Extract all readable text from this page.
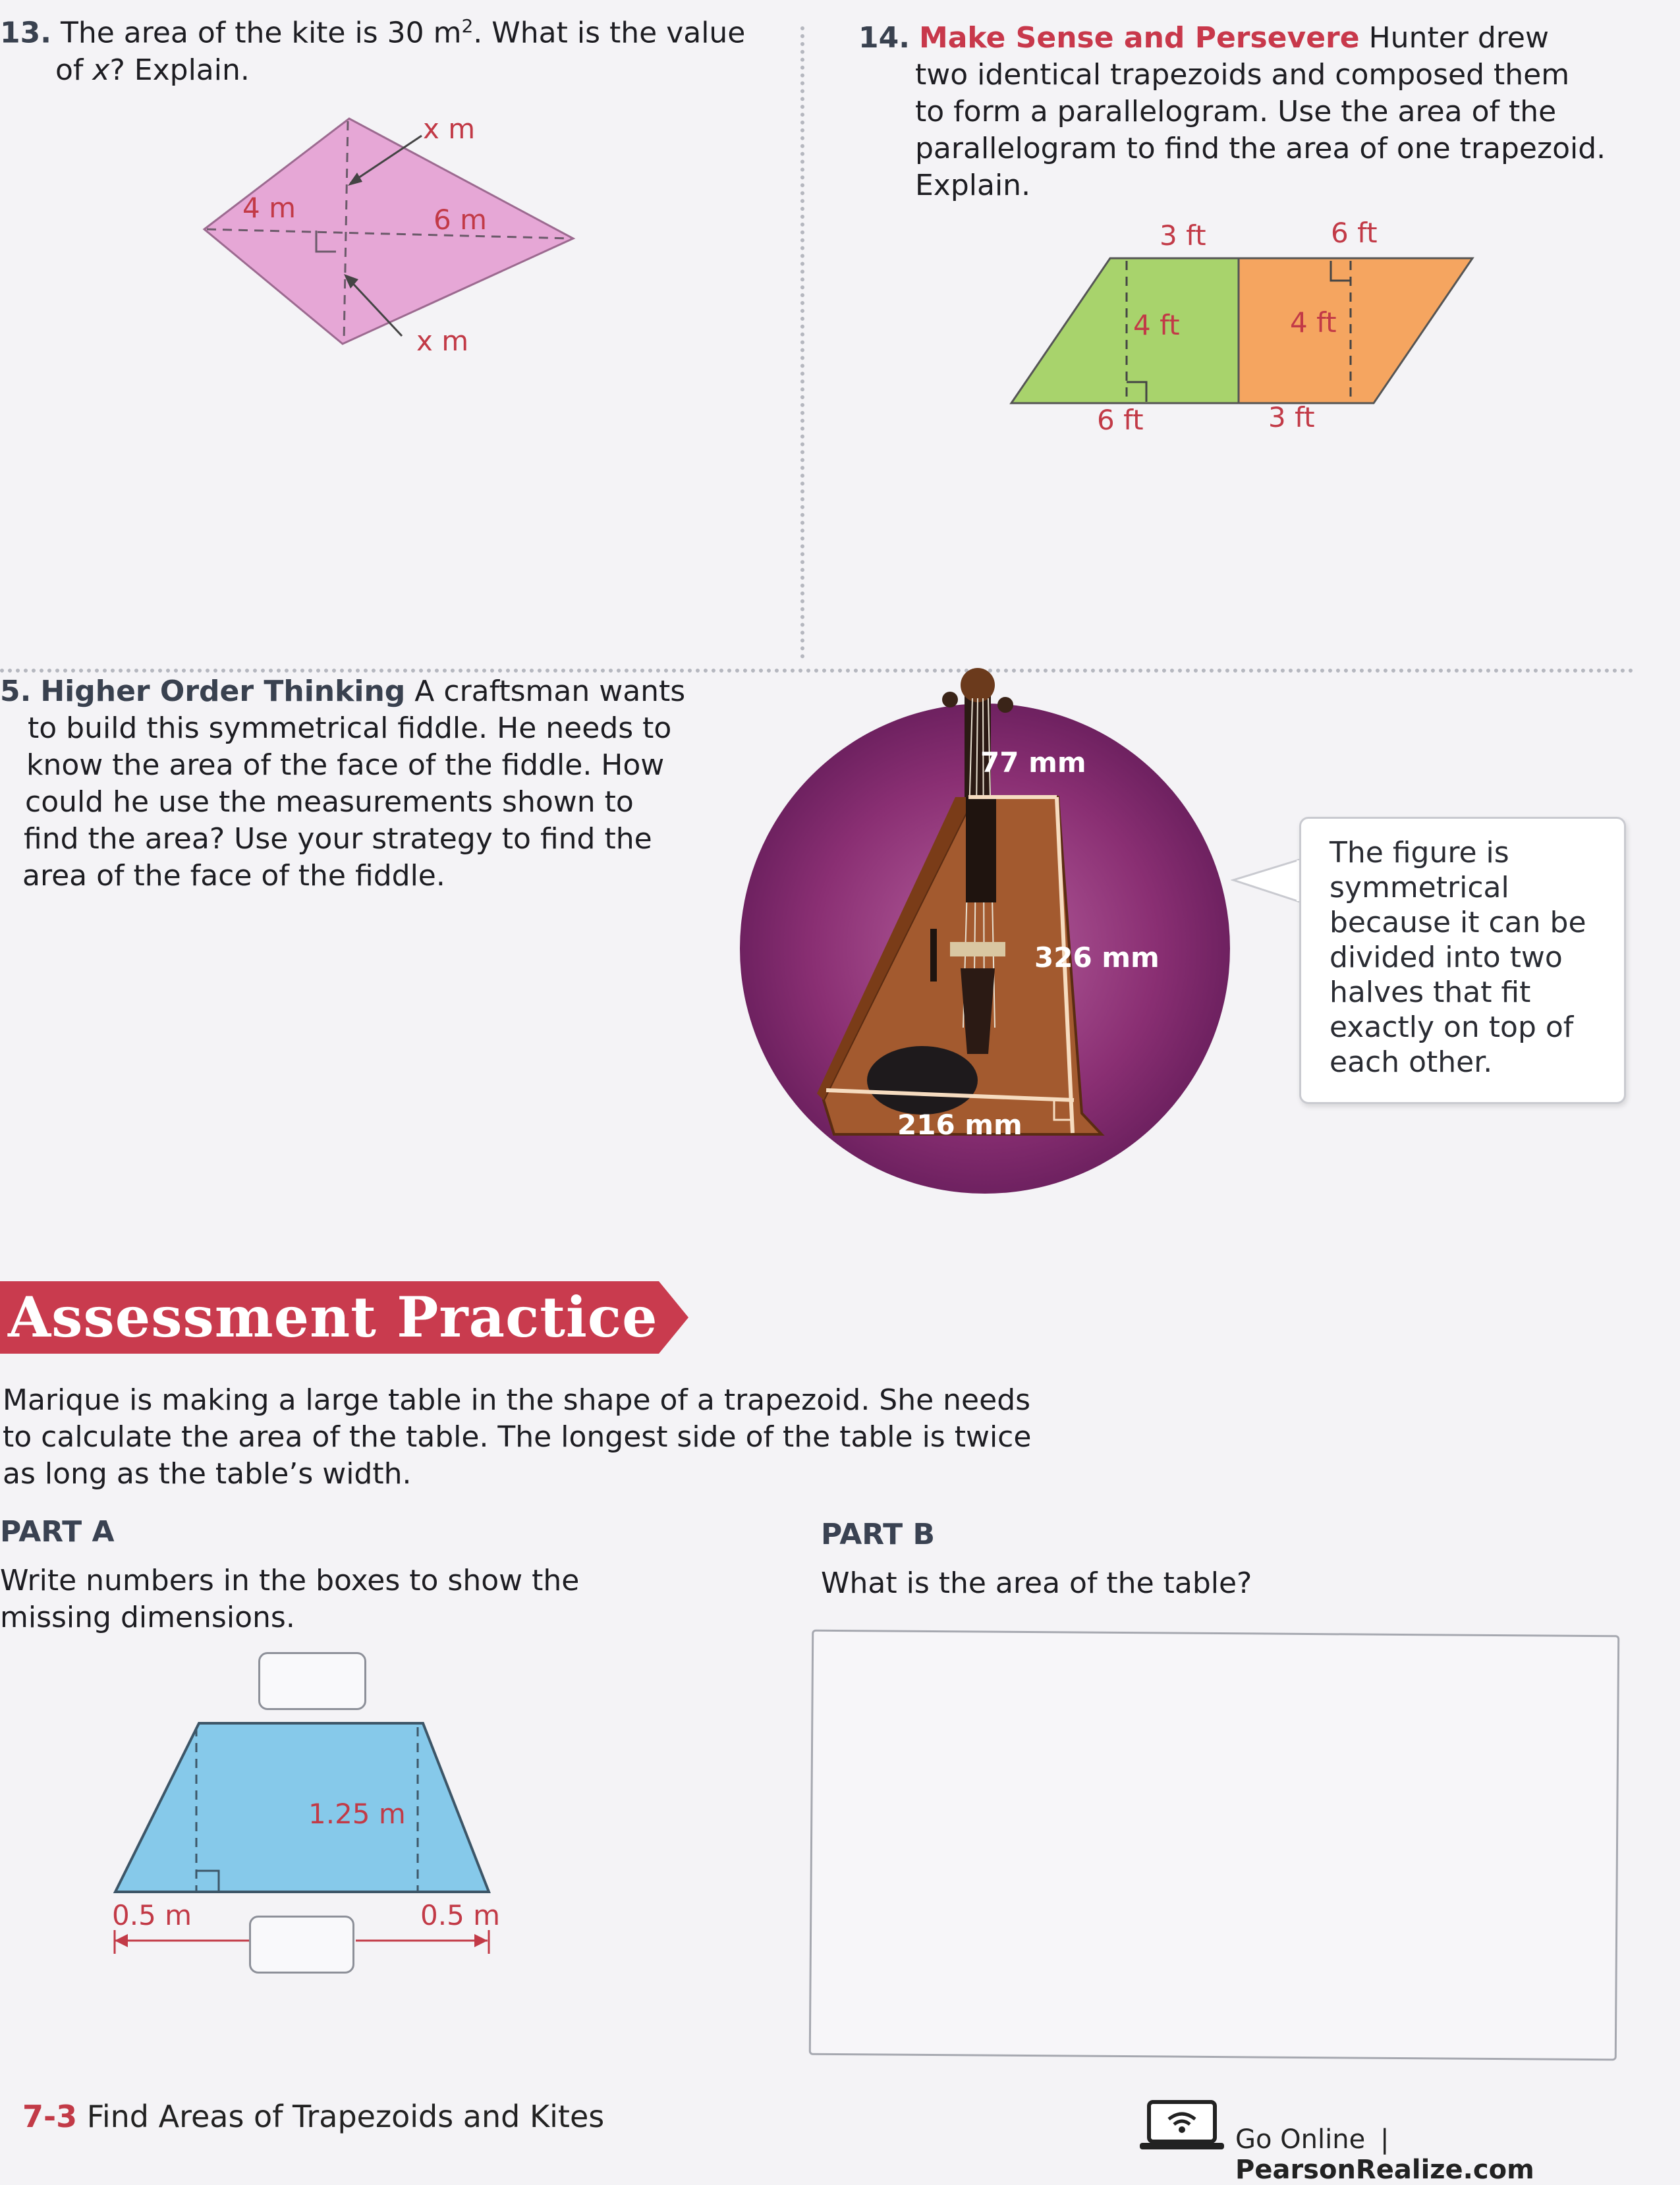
13. The area of the kite is 30 $m^2$. What is the value
of x? Explain.
x m
4 m	6 m
x m
14. Make Sense and Persevere Hunter drew
two identical trapezoids and composed them
to form a parallelogram. Use the area of the
parallelogram to find the area of one trapezoid.
Explain.
3 ft	6 ft
4 ft	4 ft
6 ft	3 ft
5. Higher Order Thinking A craftsman wants
to build this symmetrical fiddle. He needs to
know the area of the face of the fiddle. How
could he use the measurements shown to
find the area? Use your strategy to find the
area of the face of the fiddle.
77 mm
326 mm
216 mm
The figure is symmetrical because it can be divided into two halves that fit exactly on top of each other.
Assessment Practice
Marique is making a large table in the shape of a trapezoid. She needs
to calculate the area of the table. The longest side of the table is twice
as long as the table’s width.
PART A
Write numbers in the boxes to show the
missing dimensions.
1.25 m
0.5 m	0.5 m
PART B
What is the area of the table?
7-3 Find Areas of Trapezoids and Kites
Go Online | PearsonRealize.com
